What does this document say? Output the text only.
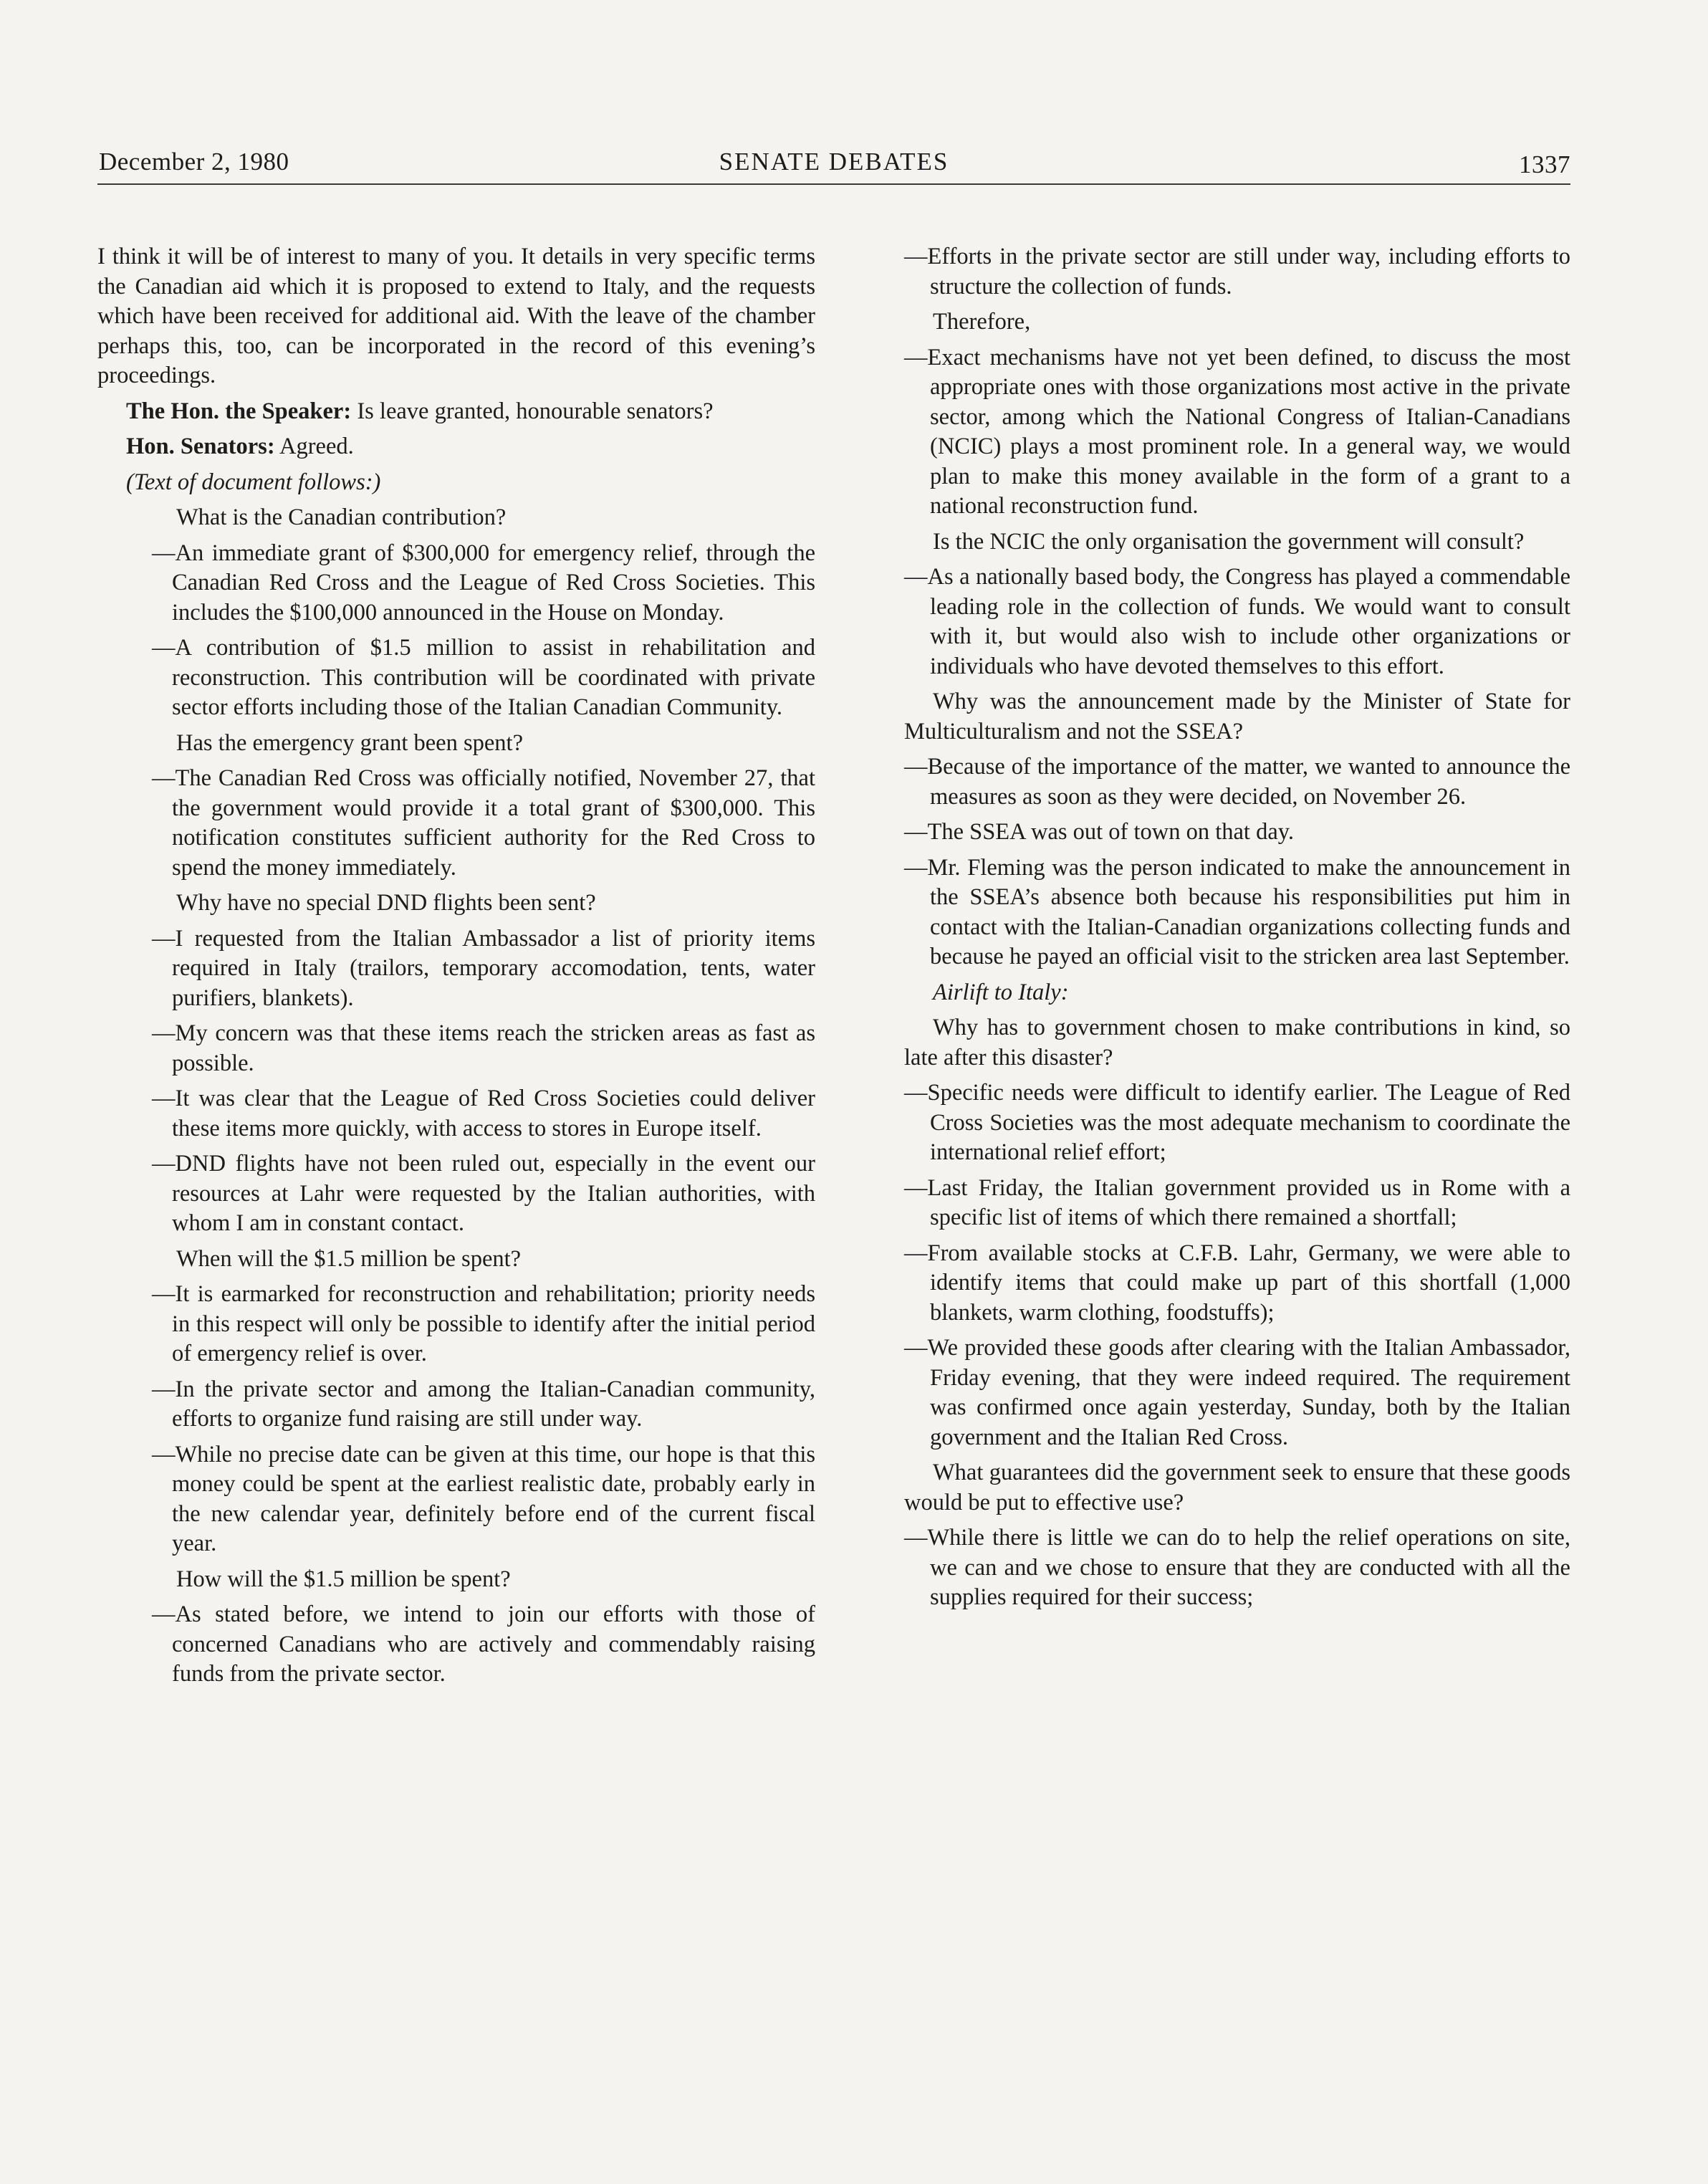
December 2, 1980	SENATE DEBATES	1337

I think it will be of interest to many of you. It details in very specific terms the Canadian aid which it is proposed to extend to Italy, and the requests which have been received for additional aid. With the leave of the chamber perhaps this, too, can be incorporated in the record of this evening’s proceedings.

The Hon. the Speaker: Is leave granted, honourable senators?

Hon. Senators: Agreed.

(Text of document follows:)

What is the Canadian contribution?

—An immediate grant of $300,000 for emergency relief, through the Canadian Red Cross and the League of Red Cross Societies. This includes the $100,000 announced in the House on Monday.

—A contribution of $1.5 million to assist in rehabilitation and reconstruction. This contribution will be coordinated with private sector efforts including those of the Italian Canadian Community.

Has the emergency grant been spent?

—The Canadian Red Cross was officially notified, November 27, that the government would provide it a total grant of $300,000. This notification constitutes sufficient authority for the Red Cross to spend the money immediately.

Why have no special DND flights been sent?

—I requested from the Italian Ambassador a list of priority items required in Italy (trailors, temporary accomodation, tents, water purifiers, blankets).

—My concern was that these items reach the stricken areas as fast as possible.

—It was clear that the League of Red Cross Societies could deliver these items more quickly, with access to stores in Europe itself.

—DND flights have not been ruled out, especially in the event our resources at Lahr were requested by the Italian authorities, with whom I am in constant contact.

When will the $1.5 million be spent?

—It is earmarked for reconstruction and rehabilitation; priority needs in this respect will only be possible to identify after the initial period of emergency relief is over.

—In the private sector and among the Italian-Canadian community, efforts to organize fund raising are still under way.

—While no precise date can be given at this time, our hope is that this money could be spent at the earliest realistic date, probably early in the new calendar year, definitely before end of the current fiscal year.

How will the $1.5 million be spent?

—As stated before, we intend to join our efforts with those of concerned Canadians who are actively and commendably raising funds from the private sector.

—Efforts in the private sector are still under way, including efforts to structure the collection of funds.

Therefore,

—Exact mechanisms have not yet been defined, to discuss the most appropriate ones with those organizations most active in the private sector, among which the National Congress of Italian-Canadians (NCIC) plays a most prominent role. In a general way, we would plan to make this money available in the form of a grant to a national reconstruction fund.

Is the NCIC the only organisation the government will consult?

—As a nationally based body, the Congress has played a commendable leading role in the collection of funds. We would want to consult with it, but would also wish to include other organizations or individuals who have devoted themselves to this effort.

Why was the announcement made by the Minister of State for Multiculturalism and not the SSEA?

—Because of the importance of the matter, we wanted to announce the measures as soon as they were decided, on November 26.

—The SSEA was out of town on that day.

—Mr. Fleming was the person indicated to make the announcement in the SSEA’s absence both because his responsibilities put him in contact with the Italian-Canadian organizations collecting funds and because he payed an official visit to the stricken area last September.

Airlift to Italy:

Why has to government chosen to make contributions in kind, so late after this disaster?

—Specific needs were difficult to identify earlier. The League of Red Cross Societies was the most adequate mechanism to coordinate the international relief effort;

—Last Friday, the Italian government provided us in Rome with a specific list of items of which there remained a shortfall;

—From available stocks at C.F.B. Lahr, Germany, we were able to identify items that could make up part of this shortfall (1,000 blankets, warm clothing, foodstuffs);

—We provided these goods after clearing with the Italian Ambassador, Friday evening, that they were indeed required. The requirement was confirmed once again yesterday, Sunday, both by the Italian government and the Italian Red Cross.

What guarantees did the government seek to ensure that these goods would be put to effective use?

—While there is little we can do to help the relief operations on site, we can and we chose to ensure that they are conducted with all the supplies required for their success;
